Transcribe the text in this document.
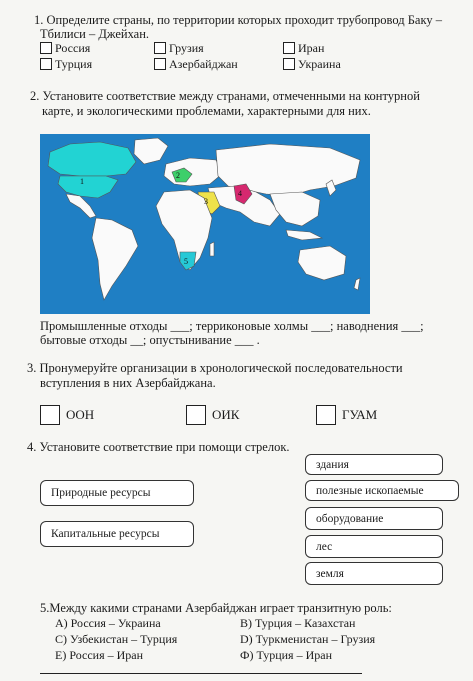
1. Определите страны, по территории которых проходит трубопровод Баку –
Тбилиси – Джейхан.
Россия	Грузия	Иран
Турция	Азербайджан	Украина
2. Установите соответствие между странами, отмеченными на контурной
карте, и экологическими проблемами, характерными для них.
1
2
3
4
5
Промышленные отходы ___; терриконовые холмы ___; наводнения ___;
бытовые отходы __; опустынивание ___ .
3. Пронумеруйте организации в хронологической последовательности
вступления в них Азербайджана.
ООН	ОИК	ГУАМ
4. Установите соответствие при помощи стрелок.
здания
Природные ресурсы	полезные ископаемые
оборудование
Капитальные ресурсы
лес
земля
5.Между какими странами Азербайджан играет транзитную роль:
А) Россия – Украина	B) Турция – Казахстан
C) Узбекистан – Турция	D) Туркменистан – Грузия
E) Россия – Иран	Ф) Турция – Иран
